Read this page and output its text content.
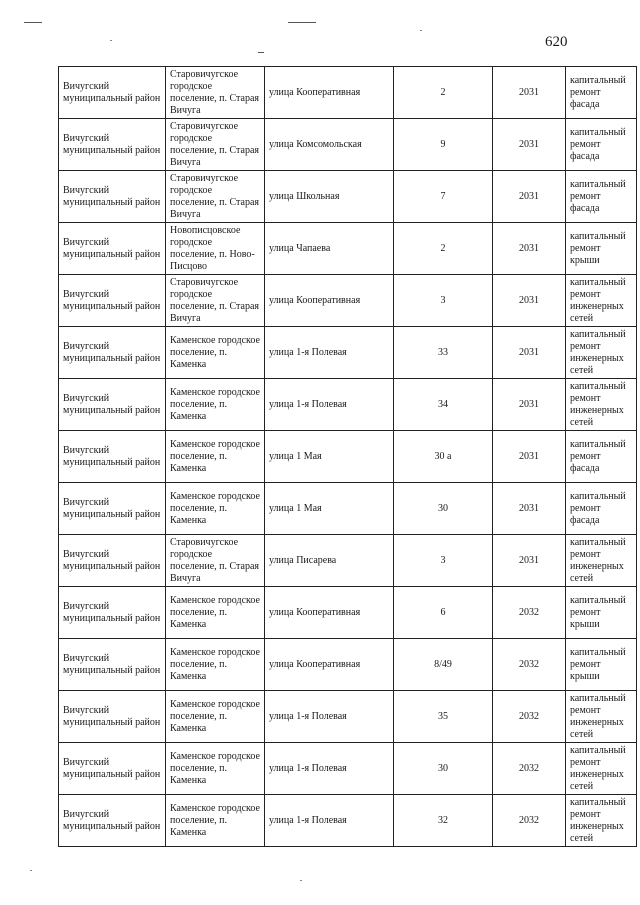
620
Вичугский муниципальный район	Старовичугское городское поселение, п. Старая Вичуга	улица Кооперативная	2	2031	капитальный ремонт фасада
Вичугский муниципальный район	Старовичугское городское поселение, п. Старая Вичуга	улица Комсомольская	9	2031	капитальный ремонт фасада
Вичугский муниципальный район	Старовичугское городское поселение, п. Старая Вичуга	улица Школьная	7	2031	капитальный ремонт фасада
Вичугский муниципальный район	Новописцовское городское поселение, п. Ново-Писцово	улица Чапаева	2	2031	капитальный ремонт крыши
Вичугский муниципальный район	Старовичугское городское поселение, п. Старая Вичуга	улица Кооперативная	3	2031	капитальный ремонт инженерных сетей
Вичугский муниципальный район	Каменское городское поселение, п. Каменка	улица 1-я Полевая	33	2031	капитальный ремонт инженерных сетей
Вичугский муниципальный район	Каменское городское поселение, п. Каменка	улица 1-я Полевая	34	2031	капитальный ремонт инженерных сетей
Вичугский муниципальный район	Каменское городское поселение, п. Каменка	улица 1 Мая	30 а	2031	капитальный ремонт фасада
Вичугский муниципальный район	Каменское городское поселение, п. Каменка	улица 1 Мая	30	2031	капитальный ремонт фасада
Вичугский муниципальный район	Старовичугское городское поселение, п. Старая Вичуга	улица Писарева	3	2031	капитальный ремонт инженерных сетей
Вичугский муниципальный район	Каменское городское поселение, п. Каменка	улица Кооперативная	6	2032	капитальный ремонт крыши
Вичугский муниципальный район	Каменское городское поселение, п. Каменка	улица Кооперативная	8/49	2032	капитальный ремонт крыши
Вичугский муниципальный район	Каменское городское поселение, п. Каменка	улица 1-я Полевая	35	2032	капитальный ремонт инженерных сетей
Вичугский муниципальный район	Каменское городское поселение, п. Каменка	улица 1-я Полевая	30	2032	капитальный ремонт инженерных сетей
Вичугский муниципальный район	Каменское городское поселение, п. Каменка	улица 1-я Полевая	32	2032	капитальный ремонт инженерных сетей
